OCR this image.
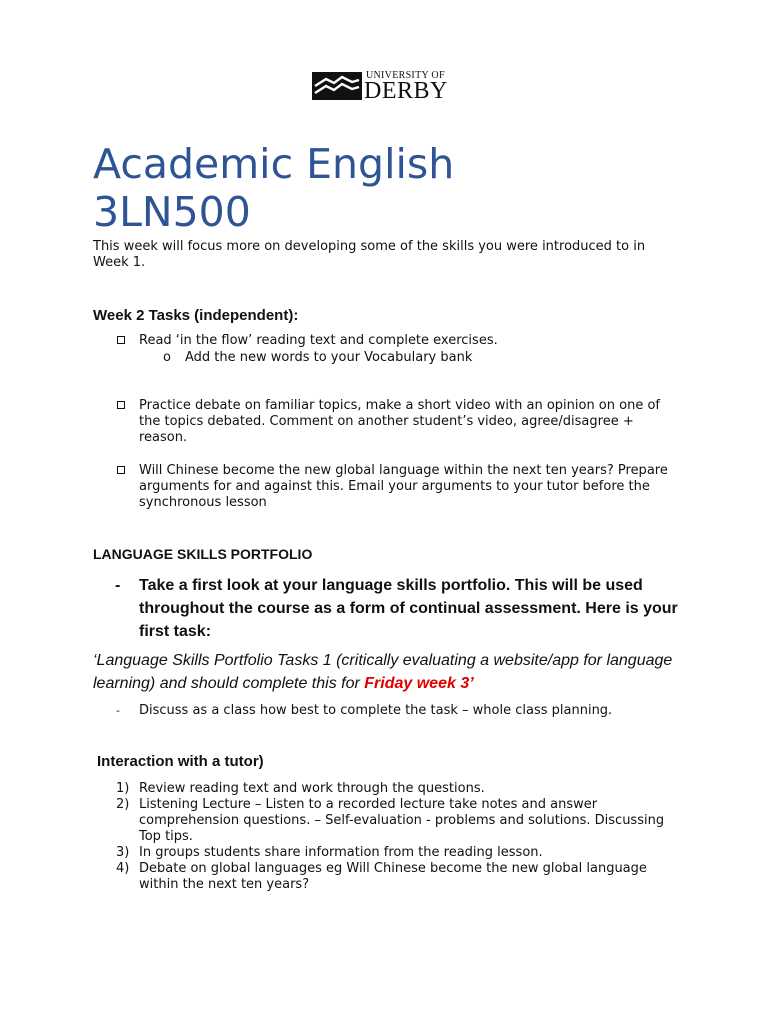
UNIVERSITY OF
DERBY
Academic English
3LN500
This week will focus more on developing some of the skills you were introduced to in Week 1.
Week 2 Tasks (independent):
Read ‘in the flow’ reading text and complete exercises.
o Add the new words to your Vocabulary bank
Practice debate on familiar topics, make a short video with an opinion on one of the topics debated. Comment on another student’s video, agree/disagree + reason.
Will Chinese become the new global language within the next ten years? Prepare arguments for and against this. Email your arguments to your tutor before the synchronous lesson
LANGUAGE SKILLS PORTFOLIO
- Take a first look at your language skills portfolio. This will be used throughout the course as a form of continual assessment. Here is your first task:
‘Language Skills Portfolio Tasks 1 (critically evaluating a website/app for language learning) and should complete this for Friday week 3’
- Discuss as a class how best to complete the task – whole class planning.
Interaction with a tutor)
1) Review reading text and work through the questions.
2) Listening Lecture – Listen to a recorded lecture take notes and answer comprehension questions. – Self-evaluation - problems and solutions. Discussing Top tips.
3) In groups students share information from the reading lesson.
4) Debate on global languages eg Will Chinese become the new global language within the next ten years?
